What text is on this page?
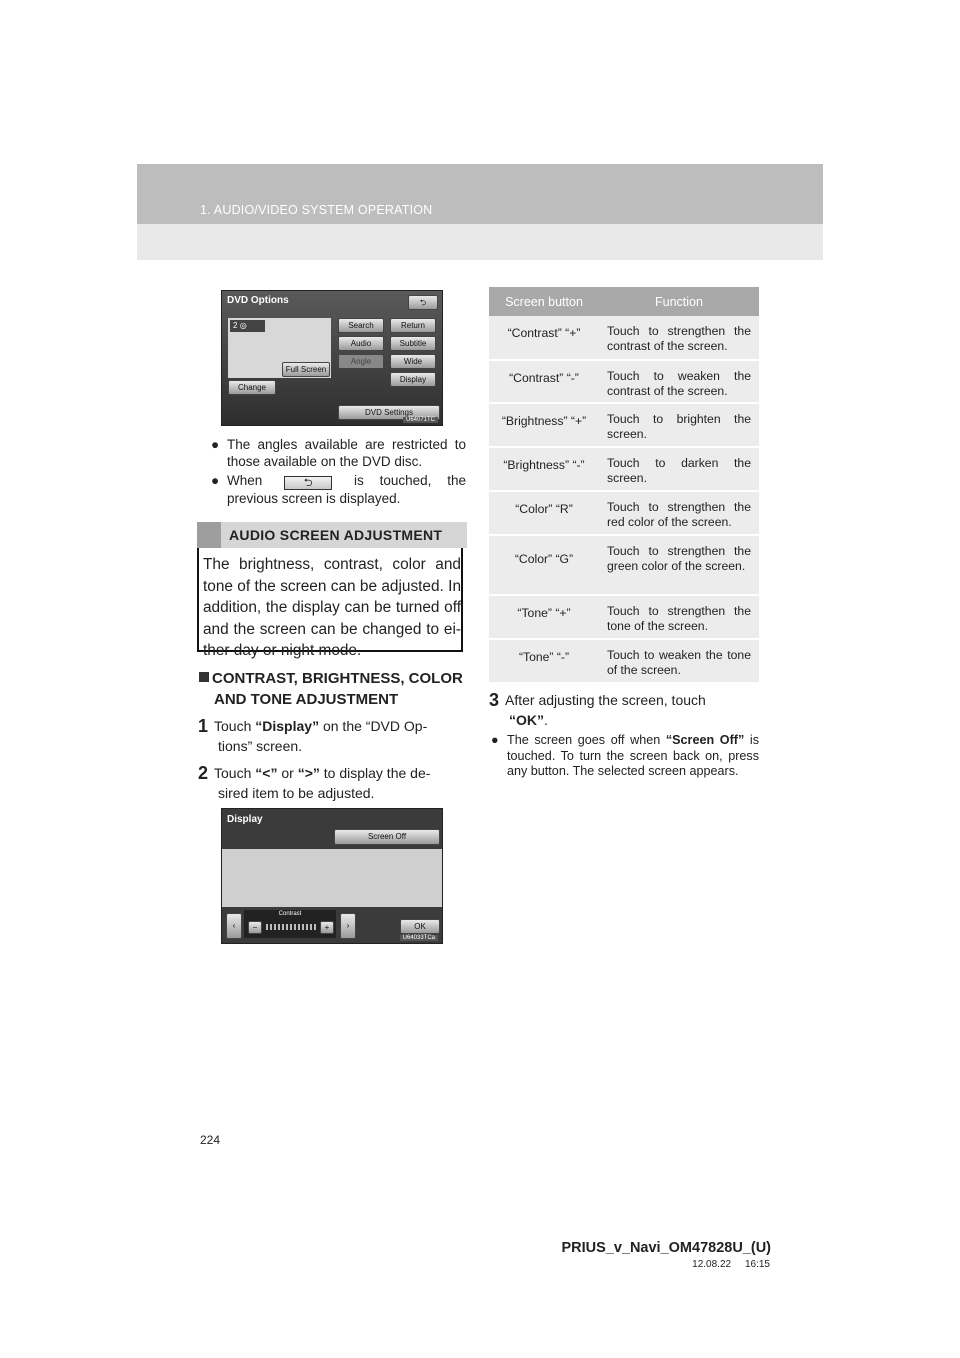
1. AUDIO/VIDEO SYSTEM OPERATION
DVD Options	⮌
2 ◎	Search	Return
Audio	Subtitle
Angle	Wide
Full Screen
Display
Change
DVD Settings
U64071TC
● The angles available are restricted to those available on the DVD disc.
● When	⮌	is touched, the previous screen is displayed.
AUDIO SCREEN ADJUSTMENT
The brightness, contrast, color and tone of the screen can be adjusted. In addition, the display can be turned off and the screen can be changed to ei-ther day or night mode.
CONTRAST, BRIGHTNESS, COLOR
AND TONE ADJUSTMENT
1 Touch “Display” on the “DVD Op-
tions” screen.
2 Touch “<” or “>” to display the de-
sired item to be adjusted.
Display
Screen Off
‹
Contrast
−	+	›	OK
U64033TCa
Screen button	Function
“Contrast” “+”	Touch to strengthen the contrast of the screen.
“Contrast” “-”	Touch to weaken the contrast of the screen.
“Brightness” “+”	Touch to brighten the screen.
“Brightness” “-”	Touch to darken the screen.
“Color” “R”	Touch to strengthen the red color of the screen.
“Color” “G”	Touch to strengthen the green color of the screen.
“Tone” “+”	Touch to strengthen the tone of the screen.
“Tone” “-”	Touch to weaken the tone of the screen.
3 After adjusting the screen, touch
“OK”.
● The screen goes off when “Screen Off” is touched. To turn the screen back on, press any button. The selected screen appears.
224
PRIUS_v_Navi_OM47828U_(U)
12.08.22     16:15
